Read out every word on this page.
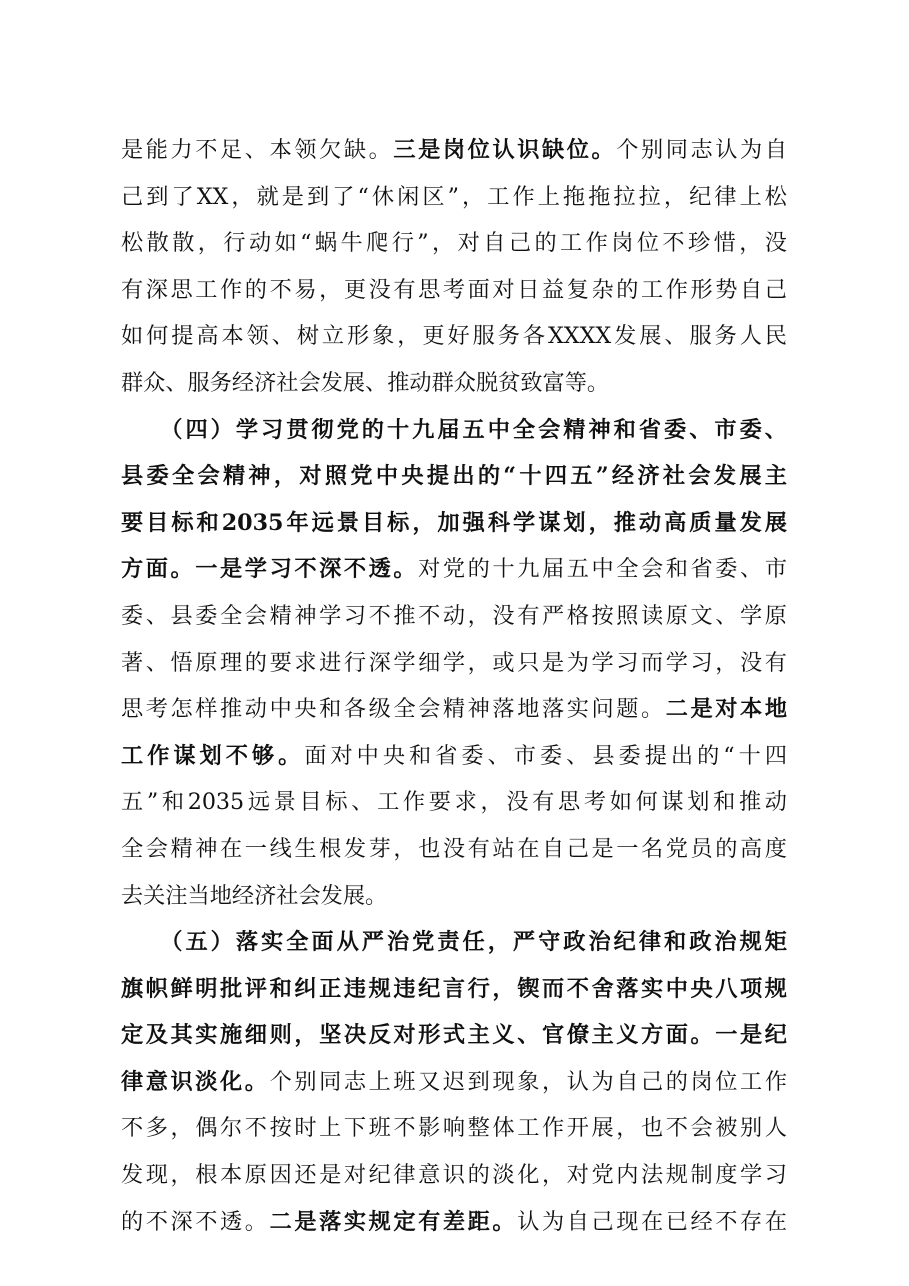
是能力不足、本领欠缺。三是岗位认识缺位。个别同志认为自
己到了XX，就是到了“休闲区”，工作上拖拖拉拉，纪律上松
松散散，行动如“蜗牛爬行”，对自己的工作岗位不珍惜，没
有深思工作的不易，更没有思考面对日益复杂的工作形势自己
如何提高本领、树立形象，更好服务各XXXX发展、服务人民
群众、服务经济社会发展、推动群众脱贫致富等。
　　（四）学习贯彻党的十九届五中全会精神和省委、市委、
县委全会精神，对照党中央提出的“十四五”经济社会发展主
要目标和2035年远景目标，加强科学谋划，推动高质量发展
方面。一是学习不深不透。对党的十九届五中全会和省委、市
委、县委全会精神学习不推不动，没有严格按照读原文、学原
著、悟原理的要求进行深学细学，或只是为学习而学习，没有
思考怎样推动中央和各级全会精神落地落实问题。二是对本地
工作谋划不够。面对中央和省委、市委、县委提出的“十四
五”和2035远景目标、工作要求，没有思考如何谋划和推动
全会精神在一线生根发芽，也没有站在自己是一名党员的高度
去关注当地经济社会发展。
　　（五）落实全面从严治党责任，严守政治纪律和政治规矩
旗帜鲜明批评和纠正违规违纪言行，锲而不舍落实中央八项规
定及其实施细则，坚决反对形式主义、官僚主义方面。一是纪
律意识淡化。个别同志上班又迟到现象，认为自己的岗位工作
不多，偶尔不按时上下班不影响整体工作开展，也不会被别人
发现，根本原因还是对纪律意识的淡化，对党内法规制度学习
的不深不透。二是落实规定有差距。认为自己现在已经不存在
